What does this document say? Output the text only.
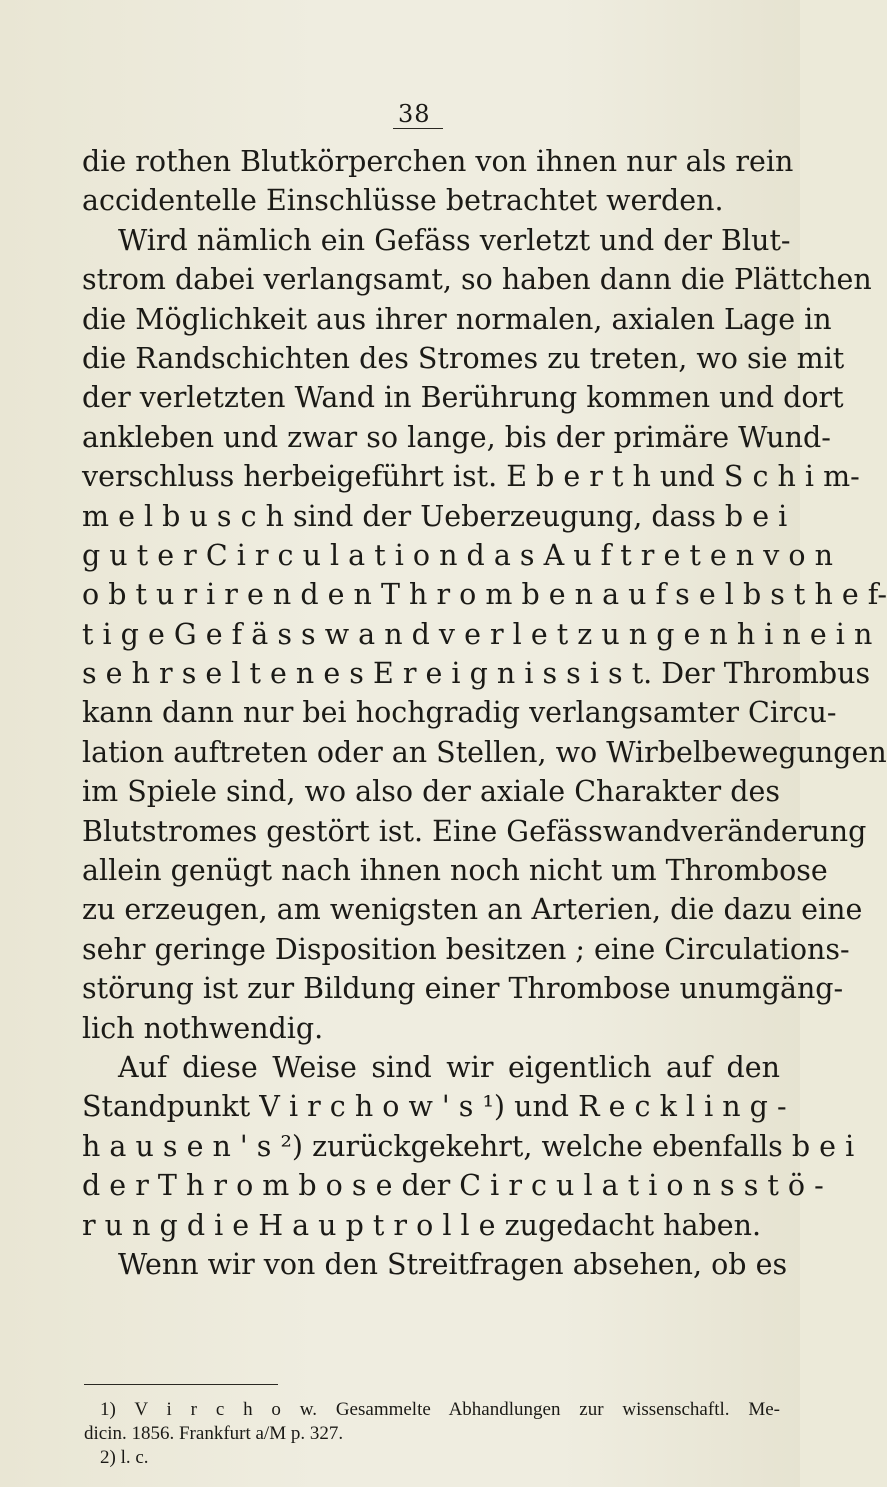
38
die rothen Blutkörperchen von ihnen nur als rein
accidentelle Einschlüsse betrachtet werden.
Wird nämlich ein Gefäss verletzt und der Blut-
strom dabei verlangsamt, so haben dann die Plättchen
die Möglichkeit aus ihrer normalen, axialen Lage in
die Randschichten des Stromes zu treten, wo sie mit
der verletzten Wand in Berührung kommen und dort
ankleben und zwar so lange, bis der primäre Wund-
verschluss herbeigeführt ist. E b e r t h und S c h i m-
m e l b u s c h sind der Ueberzeugung, dass b e i
g u t e r C i r c u l a t i o n d a s A u f t r e t e n v o n
o b t u r i r e n d e n T h r o m b e n a u f s e l b s t h e f-
t i g e G e f ä s s w a n d v e r l e t z u n g e n h i n e i n
s e h r s e l t e n e s E r e i g n i s s i s t. Der Thrombus
kann dann nur bei hochgradig verlangsamter Circu-
lation auftreten oder an Stellen, wo Wirbelbewegungen
im Spiele sind, wo also der axiale Charakter des
Blutstromes gestört ist. Eine Gefässwandveränderung
allein genügt nach ihnen noch nicht um Thrombose
zu erzeugen, am wenigsten an Arterien, die dazu eine
sehr geringe Disposition besitzen ; eine Circulations-
störung ist zur Bildung einer Thrombose unumgäng-
lich nothwendig.
Auf diese Weise sind wir eigentlich auf den
Standpunkt V i r c h o w ' s ¹) und R e c k l i n g -
h a u s e n ' s ²) zurückgekehrt, welche ebenfalls b e i
d e r T h r o m b o s e der C i r c u l a t i o n s s t ö -
r u n g d i e H a u p t r o l l e zugedacht haben.
Wenn wir von den Streitfragen absehen, ob es
1) V i r c h o w. Gesammelte Abhandlungen zur wissenschaftl. Me-
dicin. 1856. Frankfurt a/M p. 327.
2) l. c.
